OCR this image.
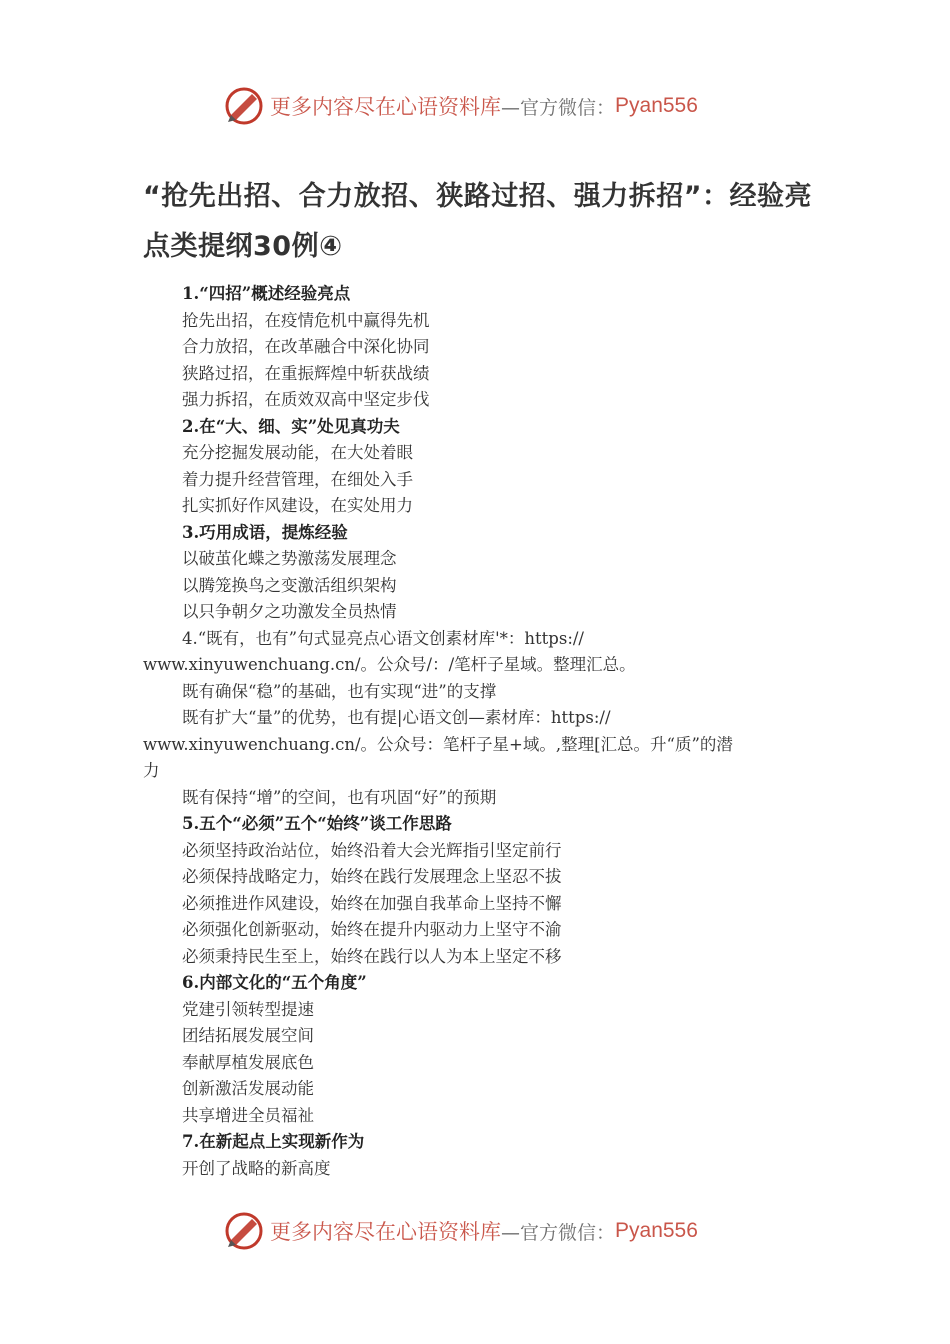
更多内容尽在心语资料库 —官方微信： Pyan556
“抢先出招、合力放招、狭路过招、强力拆招”：经验亮点类提纲30例④
1.“四招”概述经验亮点
抢先出招，在疫情危机中赢得先机
合力放招，在改革融合中深化协同
狭路过招，在重振辉煌中斩获战绩
强力拆招，在质效双高中坚定步伐
2.在“大、细、实”处见真功夫
充分挖掘发展动能，在大处着眼
着力提升经营管理，在细处入手
扎实抓好作风建设，在实处用力
3.巧用成语，提炼经验
以破茧化蝶之势激荡发展理念
以腾笼换鸟之变激活组织架构
以只争朝夕之功激发全员热情
4.“既有，也有”句式显亮点心语文创素材库'*：https://
www.xinyuwenchuang.cn/。公众号/：/笔杆子星域。整理汇总。
既有确保“稳”的基础，也有实现“进”的支撑
既有扩大“量”的优势，也有提|心语文创—素材库：https://
www.xinyuwenchuang.cn/。公众号：笔杆子星+域。,整理[汇总。升“质”的潜
力
既有保持“增”的空间，也有巩固“好”的预期
5.五个“必须”五个“始终”谈工作思路
必须坚持政治站位，始终沿着大会光辉指引坚定前行
必须保持战略定力，始终在践行发展理念上坚忍不拔
必须推进作风建设，始终在加强自我革命上坚持不懈
必须强化创新驱动，始终在提升内驱动力上坚守不渝
必须秉持民生至上，始终在践行以人为本上坚定不移
6.内部文化的“五个角度”
党建引领转型提速
团结拓展发展空间
奉献厚植发展底色
创新激活发展动能
共享增进全员福祉
7.在新起点上实现新作为
开创了战略的新高度
更多内容尽在心语资料库 —官方微信： Pyan556
